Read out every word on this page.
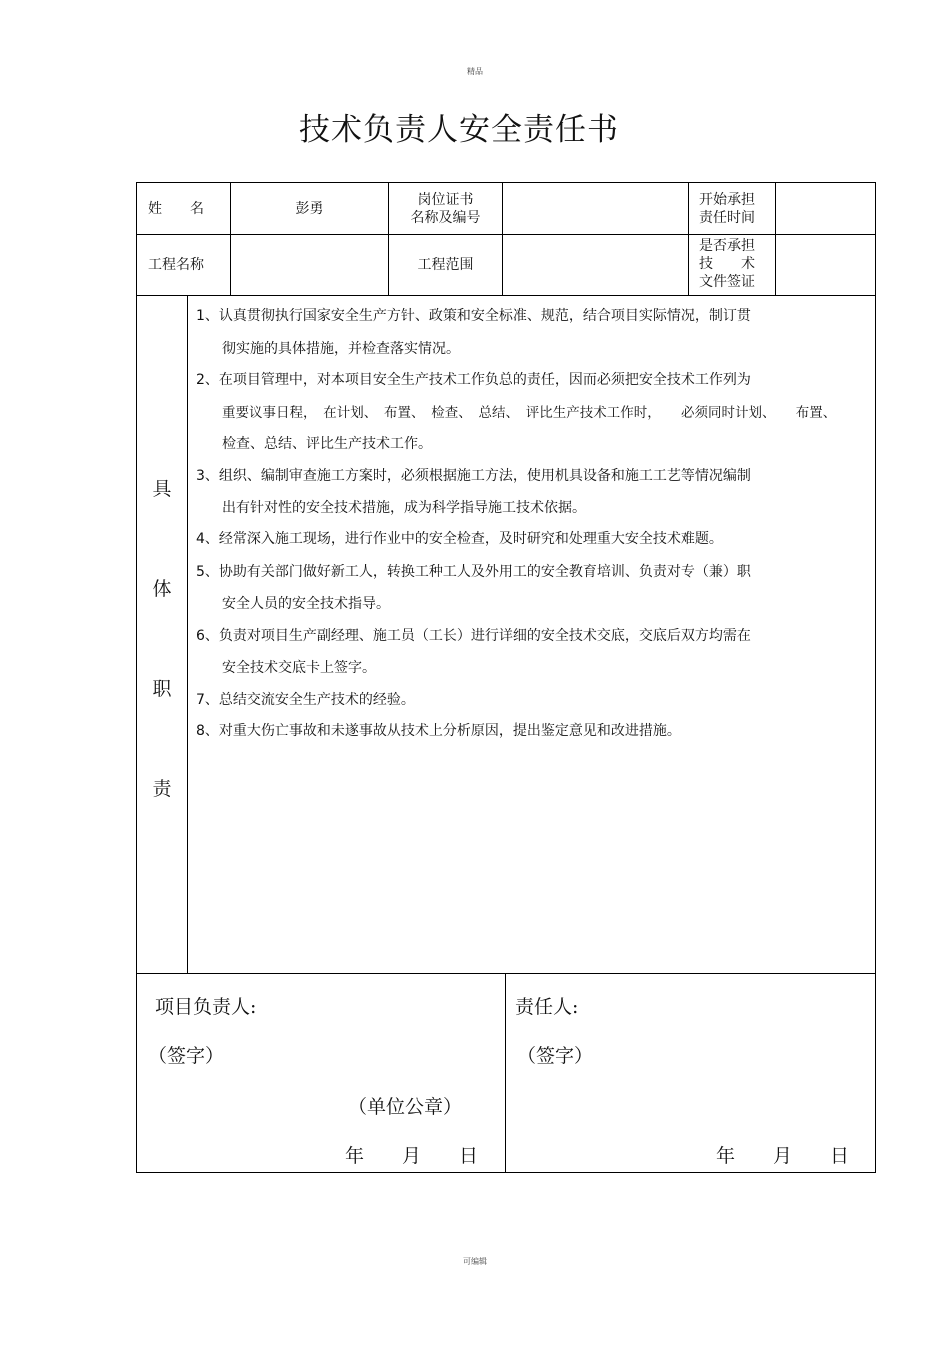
精品
技术负责人安全责任书
姓　　名	彭勇
岗位证书
名称及编号
开始承担
责任时间
工程名称	工程范围
是否承担
技　　术
文件签证
具
体
职
责
1、认真贯彻执行国家安全生产方针、政策和安全标准、规范，结合项目实际情况，制订贯
彻实施的具体措施，并检查落实情况。
2、在项目管理中，对本项目安全生产技术工作负总的责任，因而必须把安全技术工作列为
重要议事日程，　在计划、　布置、　检查、　总结、　评比生产技术工作时，　　必须同时计划、　　布置、
检查、总结、评比生产技术工作。
3、组织、编制审查施工方案时，必须根据施工方法，使用机具设备和施工工艺等情况编制
出有针对性的安全技术措施，成为科学指导施工技术依据。
4、经常深入施工现场，进行作业中的安全检查，及时研究和处理重大安全技术难题。
5、协助有关部门做好新工人，转换工种工人及外用工的安全教育培训、负责对专（兼）职
安全人员的安全技术指导。
6、负责对项目生产副经理、施工员（工长）进行详细的安全技术交底，交底后双方均需在
安全技术交底卡上签字。
7、总结交流安全生产技术的经验。
8、对重大伤亡事故和未遂事故从技术上分析原因，提出鉴定意见和改进措施。
项目负责人:
（签字）
（单位公章）
年　　月　　日
责任人:
（签字）
年　　月　　日
可编辑
